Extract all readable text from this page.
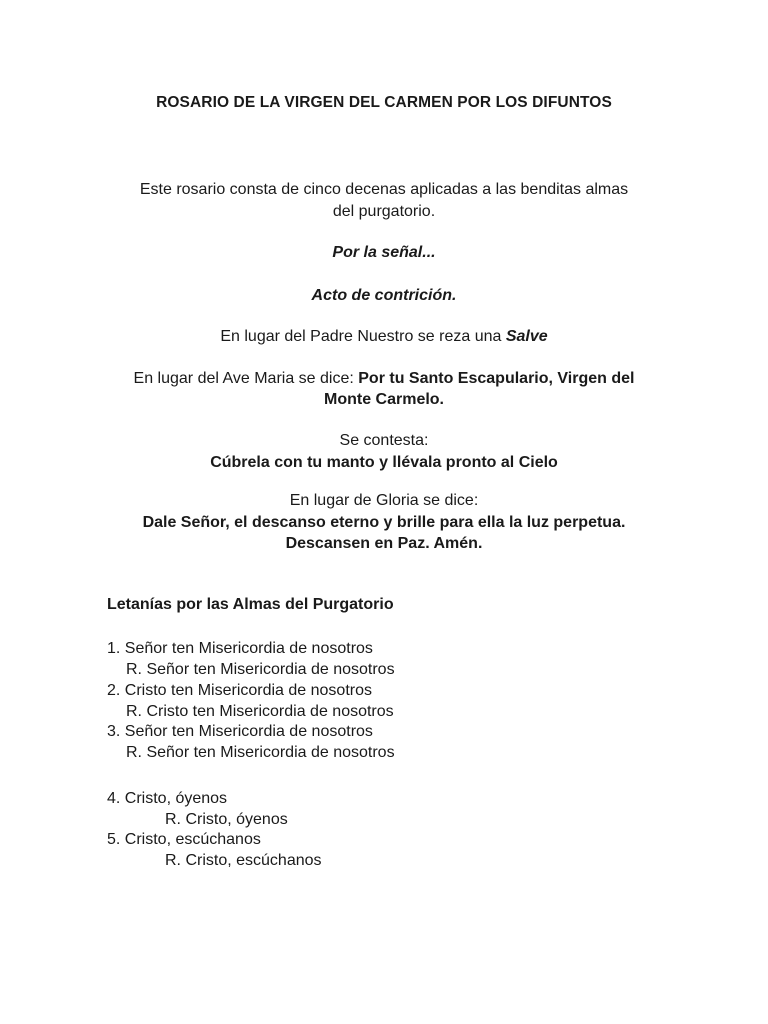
ROSARIO DE LA VIRGEN DEL CARMEN POR LOS DIFUNTOS
Este rosario consta de cinco decenas aplicadas a las benditas almas
del purgatorio.
Por la señal...
Acto de contrición.
En lugar del Padre Nuestro se reza una Salve
En lugar del Ave Maria se dice: Por tu Santo Escapulario, Virgen del
Monte Carmelo.
Se contesta:
Cúbrela con tu manto y llévala pronto al Cielo
En lugar de Gloria se dice:
Dale Señor, el descanso eterno y brille para ella la luz perpetua.
Descansen en Paz. Amén.
Letanías por las Almas del Purgatorio
1. Señor ten Misericordia de nosotros
R. Señor ten Misericordia de nosotros
2. Cristo ten Misericordia de nosotros
R. Cristo ten Misericordia de nosotros
3. Señor ten Misericordia de nosotros
R. Señor ten Misericordia de nosotros
4. Cristo, óyenos
R. Cristo, óyenos
5. Cristo, escúchanos
R. Cristo, escúchanos
